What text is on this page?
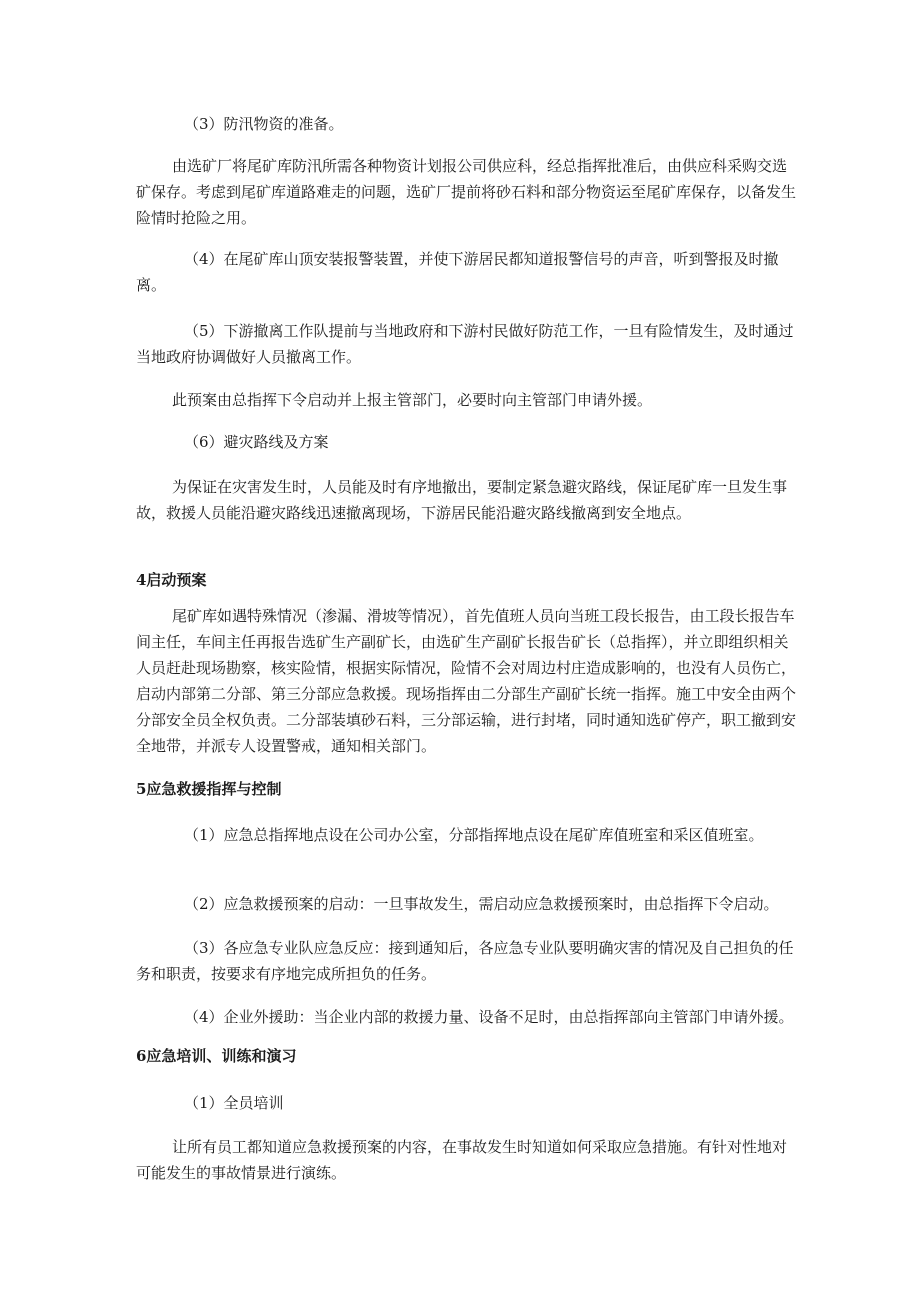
（3）防汛物资的准备。

由选矿厂将尾矿库防汛所需各种物资计划报公司供应科，经总指挥批准后，由供应科采购交选矿保存。考虑到尾矿库道路难走的问题，选矿厂提前将砂石料和部分物资运至尾矿库保存，以备发生险情时抢险之用。

（4）在尾矿库山顶安装报警装置，并使下游居民都知道报警信号的声音，听到警报及时撤离。

（5）下游撤离工作队提前与当地政府和下游村民做好防范工作，一旦有险情发生，及时通过当地政府协调做好人员撤离工作。

此预案由总指挥下令启动并上报主管部门，必要时向主管部门申请外援。

（6）避灾路线及方案

为保证在灾害发生时，人员能及时有序地撤出，要制定紧急避灾路线，保证尾矿库一旦发生事故，救援人员能沿避灾路线迅速撤离现场，下游居民能沿避灾路线撤离到安全地点。

4启动预案

尾矿库如遇特殊情况（渗漏、滑坡等情况），首先值班人员向当班工段长报告，由工段长报告车间主任，车间主任再报告选矿生产副矿长，由选矿生产副矿长报告矿长（总指挥），并立即组织相关人员赶赴现场勘察，核实险情，根据实际情况，险情不会对周边村庄造成影响的，也没有人员伤亡，启动内部第二分部、第三分部应急救援。现场指挥由二分部生产副矿长统一指挥。施工中安全由两个分部安全员全权负责。二分部装填砂石料，三分部运输，进行封堵，同时通知选矿停产，职工撤到安全地带，并派专人设置警戒，通知相关部门。

5应急救援指挥与控制

（1）应急总指挥地点设在公司办公室，分部指挥地点设在尾矿库值班室和采区值班室。

（2）应急救援预案的启动：一旦事故发生，需启动应急救援预案时，由总指挥下令启动。

（3）各应急专业队应急反应：接到通知后，各应急专业队要明确灾害的情况及自己担负的任务和职责，按要求有序地完成所担负的任务。

（4）企业外援助：当企业内部的救援力量、设备不足时，由总指挥部向主管部门申请外援。

6应急培训、训练和演习

（1）全员培训

让所有员工都知道应急救援预案的内容，在事故发生时知道如何采取应急措施。有针对性地对可能发生的事故情景进行演练。
